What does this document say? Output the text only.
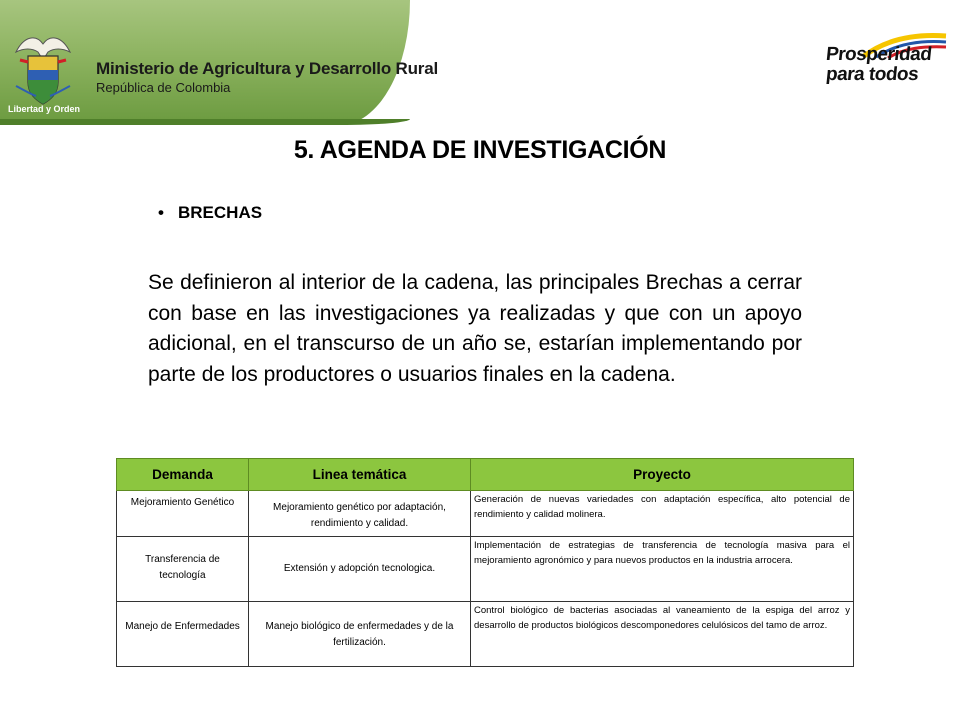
Libertad y Orden
Ministerio de Agricultura y Desarrollo Rural
República de Colombia
Prosperidad
para todos
5. AGENDA DE INVESTIGACIÓN
• BRECHAS
Se definieron al interior de la cadena, las principales Brechas a cerrar con base en las investigaciones ya realizadas y que con un apoyo adicional, en el transcurso de un año se, estarían implementando por parte de los productores o usuarios finales en la cadena.
Demanda	Linea temática	Proyecto

Mejoramiento Genético	Mejoramiento genético por adaptación, rendimiento y calidad.	Generación de nuevas variedades con adaptación específica, alto potencial de rendimiento y calidad molinera.

Transferencia de tecnología	Extensión y adopción tecnologica.	Implementación de estrategias de transferencia de tecnología masiva para el mejoramiento agronómico y para nuevos productos en la industria arrocera.

Manejo de Enfermedades	Manejo biológico de enfermedades y de la fertilización.	Control biológico de bacterias asociadas al vaneamiento de la espiga del arroz y desarrollo de productos biológicos descomponedores celulósicos del tamo de arroz.
